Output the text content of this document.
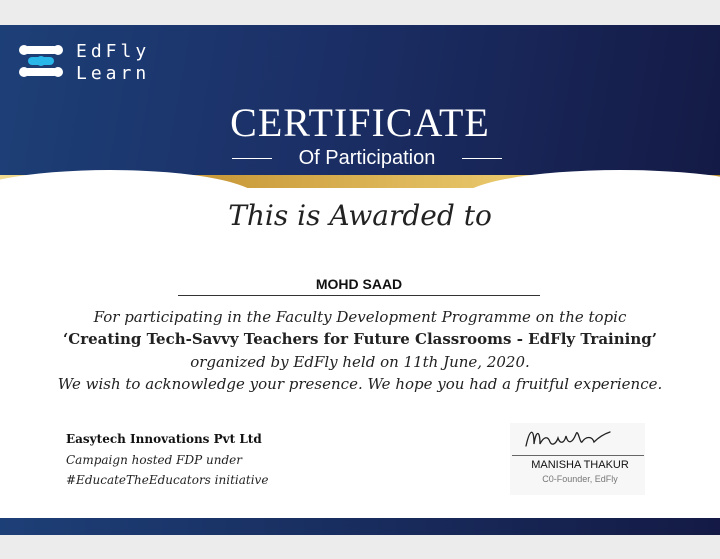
EdFly
Learn
CERTIFICATE
Of Participation
This is Awarded to
MOHD SAAD
For participating in the Faculty Development Programme on the topic
‘Creating Tech-Savvy Teachers for Future Classrooms - EdFly Training’
organized by EdFly held on 11th June, 2020.
We wish to acknowledge your presence. We hope you had a fruitful experience.
Easytech Innovations Pvt Ltd
Campaign hosted FDP under
#EducateTheEducators initiative
MANISHA THAKUR
C0-Founder, EdFly
